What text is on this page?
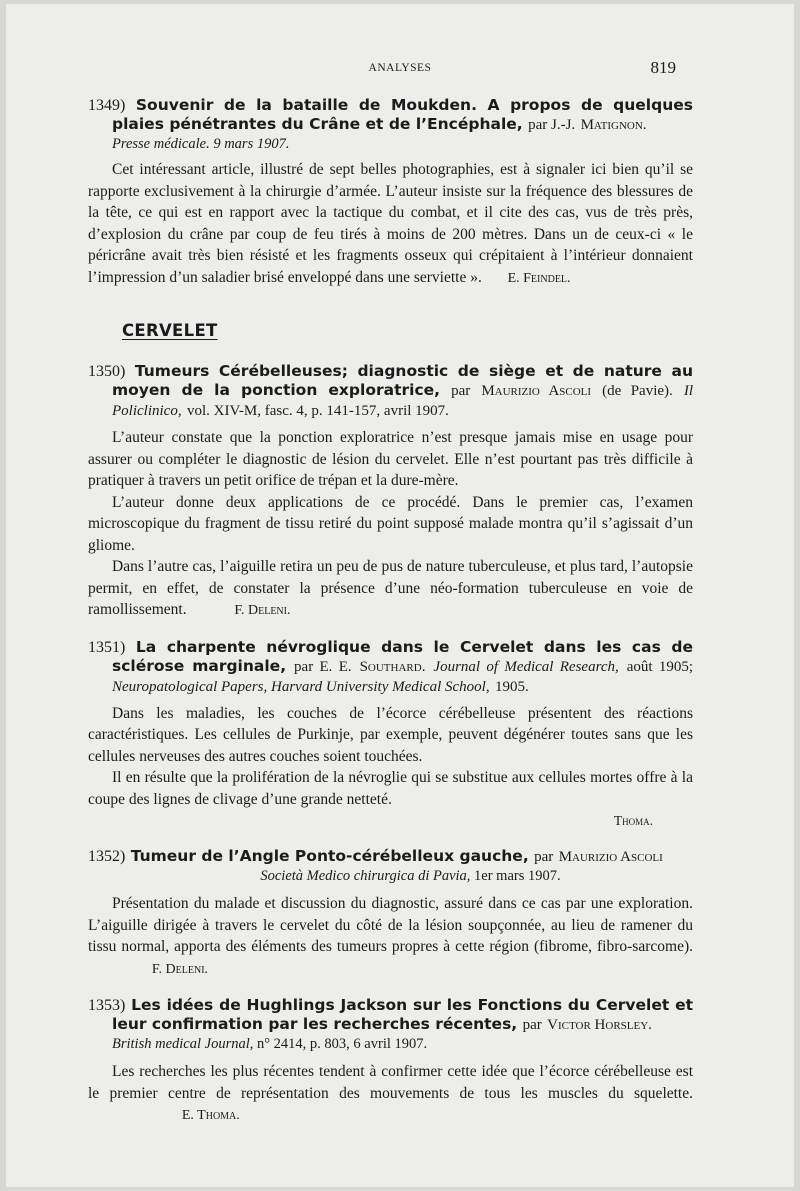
ANALYSES	819
1349) Souvenir de la bataille de Moukden. A propos de quelques plaies pénétrantes du Crâne et de l’Encéphale, par J.-J. Matignon.
Presse médicale. 9 mars 1907.

Cet intéressant article, illustré de sept belles photographies, est à signaler ici bien qu’il se rapporte exclusivement à la chirurgie d’armée. L’auteur insiste sur la fréquence des blessures de la tête, ce qui est en rapport avec la tactique du combat, et il cite des cas, vus de très près, d’explosion du crâne par coup de feu tirés à moins de 200 mètres. Dans un de ceux-ci « le péricrâne avait très bien résisté et les fragments osseux qui crépitaient à l’intérieur donnaient l’impression d’un saladier brisé enveloppé dans une serviette ». E. Feindel.

CERVELET
1350) Tumeurs Cérébelleuses; diagnostic de siège et de nature au moyen de la ponction exploratrice, par Maurizio Ascoli (de Pavie). Il Policlinico, vol. XIV-M, fasc. 4, p. 141-157, avril 1907.

L’auteur constate que la ponction exploratrice n’est presque jamais mise en usage pour assurer ou compléter le diagnostic de lésion du cervelet. Elle n’est pourtant pas très difficile à pratiquer à travers un petit orifice de trépan et la dure-mère.

L’auteur donne deux applications de ce procédé. Dans le premier cas, l’examen microscopique du fragment de tissu retiré du point supposé malade montra qu’il s’agissait d’un gliome.

Dans l’autre cas, l’aiguille retira un peu de pus de nature tuberculeuse, et plus tard, l’autopsie permit, en effet, de constater la présence d’une néo-formation tuberculeuse en voie de ramollissement.	F. Deleni.

1351) La charpente névroglique dans le Cervelet dans les cas de sclérose marginale, par E. E. Southard. Journal of Medical Research, août 1905; Neuropatological Papers, Harvard University Medical School, 1905.

Dans les maladies, les couches de l’écorce cérébelleuse présentent des réactions caractéristiques. Les cellules de Purkinje, par exemple, peuvent dégénérer toutes sans que les cellules nerveuses des autres couches soient touchées.

Il en résulte que la prolifération de la névroglie qui se substitue aux cellules mortes offre à la coupe des lignes de clivage d’une grande netteté.

Thoma.

1352) Tumeur de l’Angle Ponto-cérébelleux gauche, par Maurizio Ascoli
Società Medico chirurgica di Pavia, 1er mars 1907.

Présentation du malade et discussion du diagnostic, assuré dans ce cas par une exploration. L’aiguille dirigée à travers le cervelet du côté de la lésion soupçonnée, au lieu de ramener du tissu normal, apporta des éléments des tumeurs propres à cette région (fibrome, fibro-sarcome).  F. Deleni.

1353) Les idées de Hughlings Jackson sur les Fonctions du Cervelet et leur confirmation par les recherches récentes, par Victor Horsley.
British medical Journal, n° 2414, p. 803, 6 avril 1907.

Les recherches les plus récentes tendent à confirmer cette idée que l’écorce cérébelleuse est le premier centre de représentation des mouvements de tous les muscles du squelette.  E. Thoma.
